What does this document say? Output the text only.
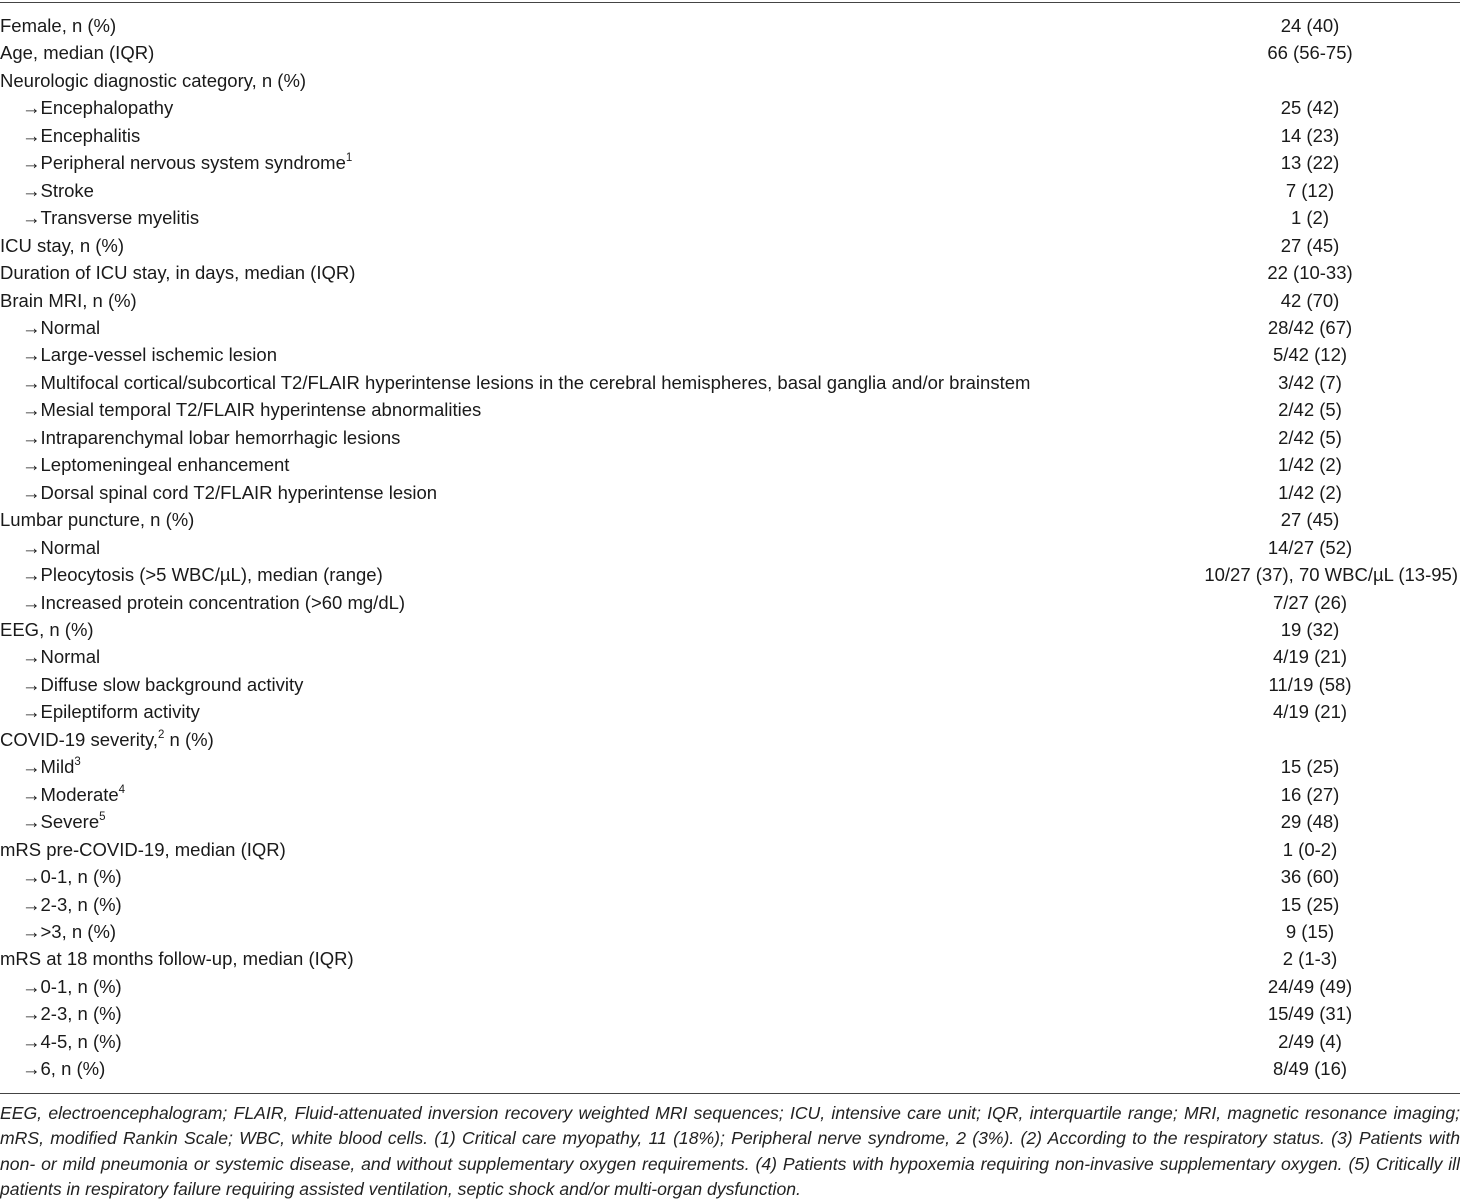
Female, n (%)	24 (40)
Age, median (IQR)	66 (56-75)
Neurologic diagnostic category, n (%)	
→Encephalopathy	25 (42)
→Encephalitis	14 (23)
→Peripheral nervous system syndrome$^1$	13 (22)
→Stroke	7 (12)
→Transverse myelitis	1 (2)
ICU stay, n (%)	27 (45)
Duration of ICU stay, in days, median (IQR)	22 (10-33)
Brain MRI, n (%)	42 (70)
→Normal	28/42 (67)
→Large-vessel ischemic lesion	5/42 (12)
→Multifocal cortical/subcortical T2/FLAIR hyperintense lesions in the cerebral hemispheres, basal ganglia and/or brainstem	3/42 (7)
→Mesial temporal T2/FLAIR hyperintense abnormalities	2/42 (5)
→Intraparenchymal lobar hemorrhagic lesions	2/42 (5)
→Leptomeningeal enhancement	1/42 (2)
→Dorsal spinal cord T2/FLAIR hyperintense lesion	1/42 (2)
Lumbar puncture, n (%)	27 (45)
→Normal	14/27 (52)
→Pleocytosis (>5 WBC/µL), median (range)	10/27 (37), 70 WBC/µL (13-95)
→Increased protein concentration (>60 mg/dL)	7/27 (26)
EEG, n (%)	19 (32)
→Normal	4/19 (21)
→Diffuse slow background activity	11/19 (58)
→Epileptiform activity	4/19 (21)
COVID-19 severity,$^2$ n (%)	
→Mild$^3$	15 (25)
→Moderate$^4$	16 (27)
→Severe$^5$	29 (48)
mRS pre-COVID-19, median (IQR)	1 (0-2)
→0-1, n (%)	36 (60)
→2-3, n (%)	15 (25)
→>3, n (%)	9 (15)
mRS at 18 months follow-up, median (IQR)	2 (1-3)
→0-1, n (%)	24/49 (49)
→2-3, n (%)	15/49 (31)
→4-5, n (%)	2/49 (4)
→6, n (%)	8/49 (16)

EEG, electroencephalogram; FLAIR, Fluid-attenuated inversion recovery weighted MRI sequences; ICU, intensive care unit; IQR, interquartile range; MRI, magnetic resonance imaging; mRS, modified Rankin Scale; WBC, white blood cells. (1) Critical care myopathy, 11 (18%); Peripheral nerve syndrome, 2 (3%). (2) According to the respiratory status. (3) Patients with non- or mild pneumonia or systemic disease, and without supplementary oxygen requirements. (4) Patients with hypoxemia requiring non-invasive supplementary oxygen. (5) Critically ill patients in respiratory failure requiring assisted ventilation, septic shock and/or multi-organ dysfunction.
